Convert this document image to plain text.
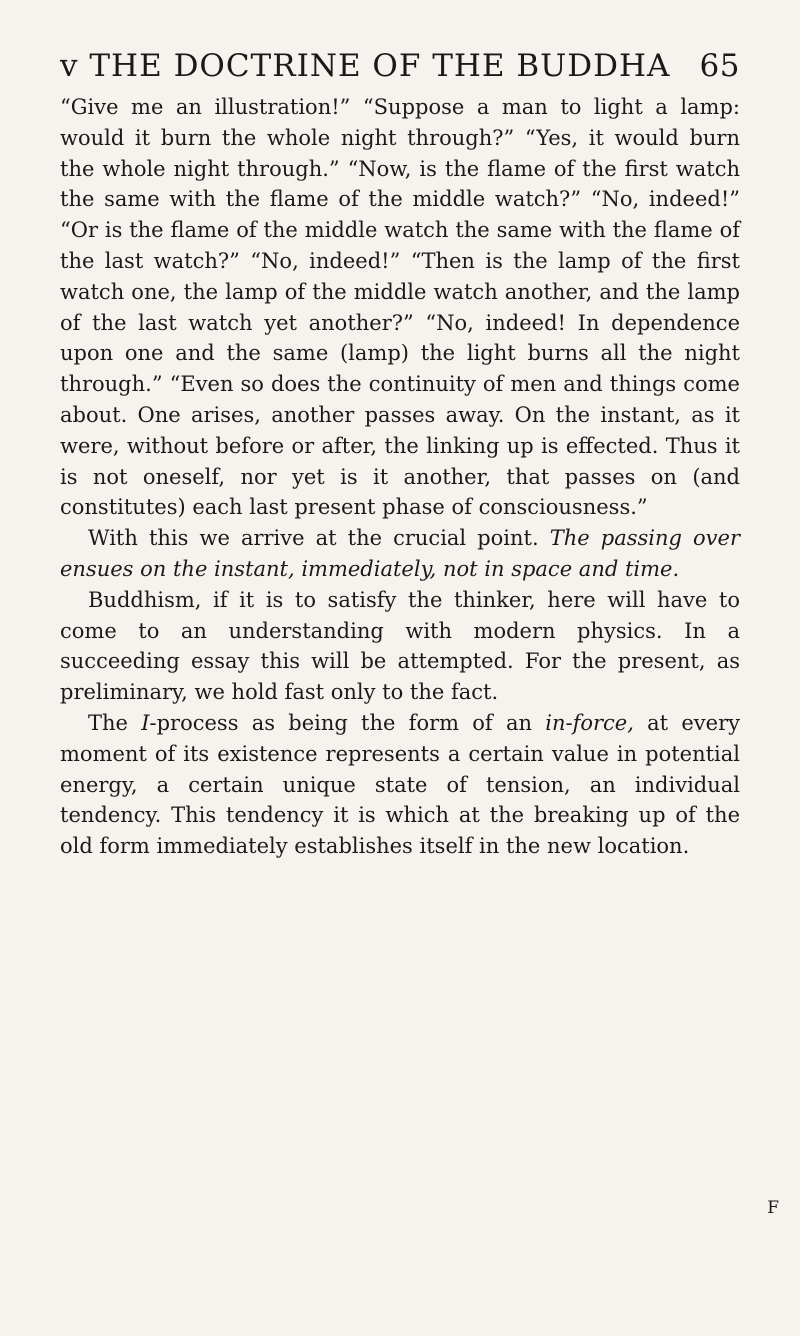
v THE DOCTRINE OF THE BUDDHA 65

“Give me an illustration!” “Suppose a man to light a lamp: would it burn the whole night through?” “Yes, it would burn the whole night through.” “Now, is the flame of the first watch the same with the flame of the middle watch?” “No, indeed!” “Or is the flame of the middle watch the same with the flame of the last watch?” “No, indeed!” “Then is the lamp of the first watch one, the lamp of the middle watch another, and the lamp of the last watch yet another?” “No, indeed! In dependence upon one and the same (lamp) the light burns all the night through.” “Even so does the continuity of men and things come about. One arises, another passes away. On the instant, as it were, without before or after, the linking up is effected. Thus it is not oneself, nor yet is it another, that passes on (and constitutes) each last present phase of consciousness.”

With this we arrive at the crucial point. The passing over ensues on the instant, immediately, not in space and time.

Buddhism, if it is to satisfy the thinker, here will have to come to an understanding with modern physics. In a succeeding essay this will be attempted. For the present, as preliminary, we hold fast only to the fact.

The I-process as being the form of an in-force, at every moment of its existence represents a certain value in potential energy, a certain unique state of tension, an individual tendency. This tendency it is which at the breaking up of the old form immediately establishes itself in the new location.

F
